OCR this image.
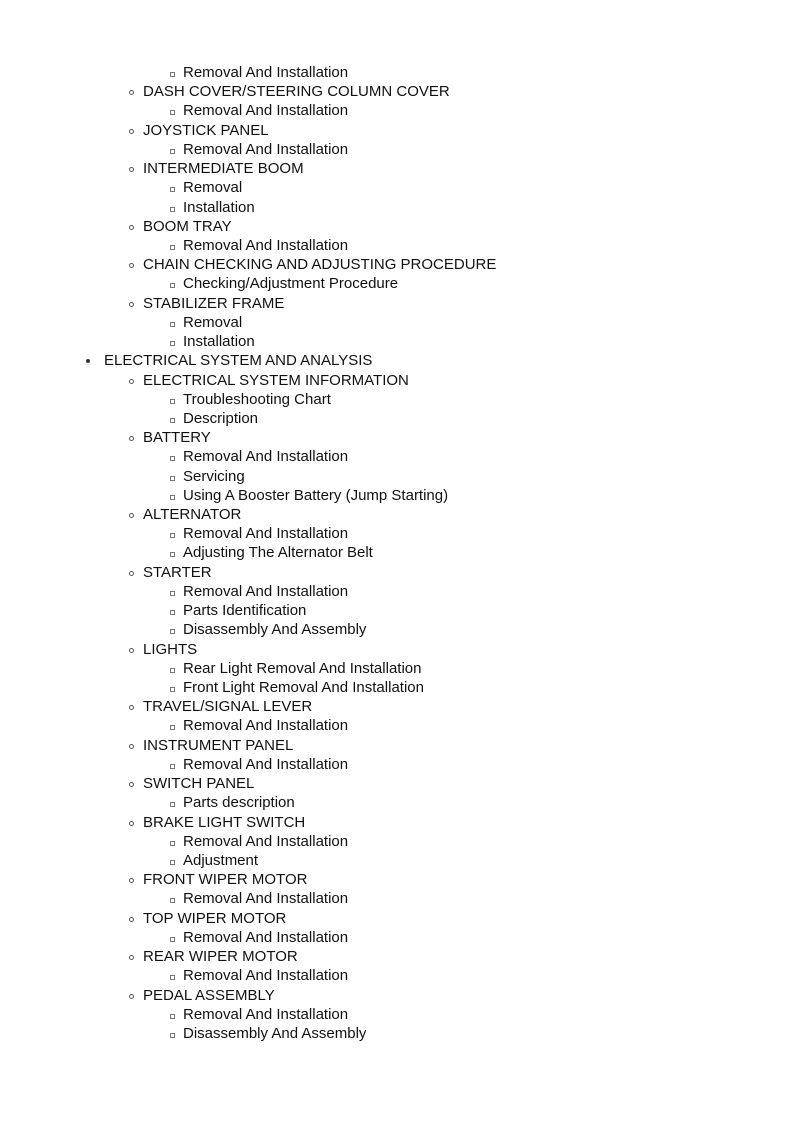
Removal And Installation
DASH COVER/STEERING COLUMN COVER
Removal And Installation
JOYSTICK PANEL
Removal And Installation
INTERMEDIATE BOOM
Removal
Installation
BOOM TRAY
Removal And Installation
CHAIN CHECKING AND ADJUSTING PROCEDURE
Checking/Adjustment Procedure
STABILIZER FRAME
Removal
Installation
ELECTRICAL SYSTEM AND ANALYSIS
ELECTRICAL SYSTEM INFORMATION
Troubleshooting Chart
Description
BATTERY
Removal And Installation
Servicing
Using A Booster Battery (Jump Starting)
ALTERNATOR
Removal And Installation
Adjusting The Alternator Belt
STARTER
Removal And Installation
Parts Identification
Disassembly And Assembly
LIGHTS
Rear Light Removal And Installation
Front Light Removal And Installation
TRAVEL/SIGNAL LEVER
Removal And Installation
INSTRUMENT PANEL
Removal And Installation
SWITCH PANEL
Parts description
BRAKE LIGHT SWITCH
Removal And Installation
Adjustment
FRONT WIPER MOTOR
Removal And Installation
TOP WIPER MOTOR
Removal And Installation
REAR WIPER MOTOR
Removal And Installation
PEDAL ASSEMBLY
Removal And Installation
Disassembly And Assembly
